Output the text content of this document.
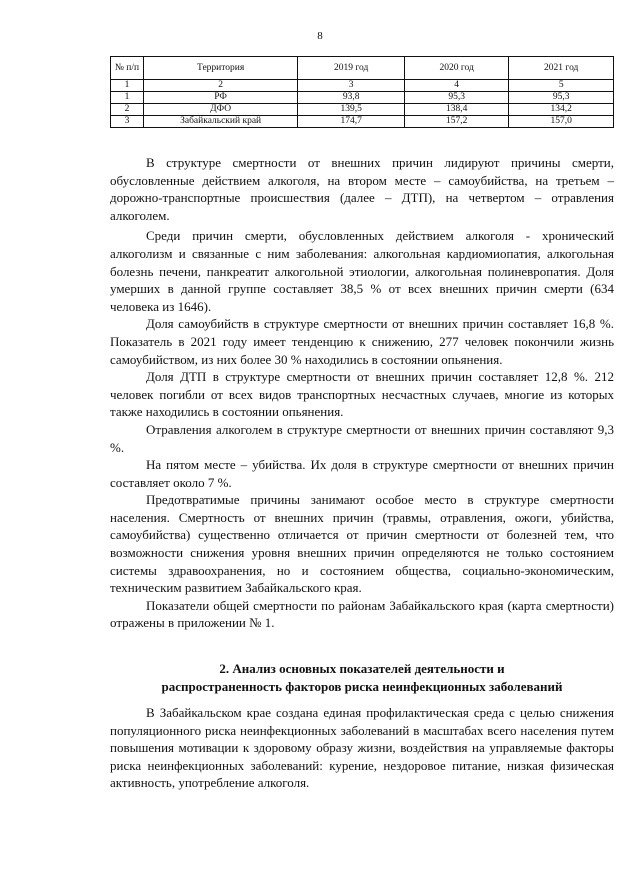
8
№ п/п	Территория	2019 год	2020 год	2021 год
1	2	3	4	5
1	РФ	93,8	95,3	95,3
2	ДФО	139,5	138,4	134,2
3	Забайкальский край	174,7	157,2	157,0

В структуре смертности от внешних причин лидируют причины смерти, обусловленные действием алкоголя, на втором месте – самоубийства, на третьем – дорожно-транспортные происшествия (далее – ДТП), на четвертом – отравления алкоголем.

Среди причин смерти, обусловленных действием алкоголя - хронический алкоголизм и связанные с ним заболевания: алкогольная кардиомиопатия, алкогольная болезнь печени, панкреатит алкогольной этиологии, алкогольная полиневропатия. Доля умерших в данной группе составляет 38,5 % от всех внешних причин смерти (634 человека из 1646).

Доля самоубийств в структуре смертности от внешних причин составляет 16,8 %. Показатель в 2021 году имеет тенденцию к снижению, 277 человек покончили жизнь самоубийством, из них более 30 % находились в состоянии опьянения.

Доля ДТП в структуре смертности от внешних причин составляет 12,8 %. 212 человек погибли от всех видов транспортных несчастных случаев, многие из которых также находились в состоянии опьянения.

Отравления алкоголем в структуре смертности от внешних причин составляют 9,3 %.

На пятом месте – убийства. Их доля в структуре смертности от внешних причин составляет около 7 %.

Предотвратимые причины занимают особое место в структуре смертности населения. Смертность от внешних причин (травмы, отравления, ожоги, убийства, самоубийства) существенно отличается от причин смертности от болезней тем, что возможности снижения уровня внешних причин определяются не только состоянием системы здравоохранения, но и состоянием общества, социально-экономическим, техническим развитием Забайкальского края.

Показатели общей смертности по районам Забайкальского края (карта смертности) отражены в приложении № 1.

2. Анализ основных показателей деятельности и
распространенность факторов риска неинфекционных заболеваний

В Забайкальском крае создана единая профилактическая среда с целью снижения популяционного риска неинфекционных заболеваний в масштабах всего населения путем повышения мотивации к здоровому образу жизни, воздействия на управляемые факторы риска неинфекционных заболеваний: курение, нездоровое питание, низкая физическая активность, употребление алкоголя.
